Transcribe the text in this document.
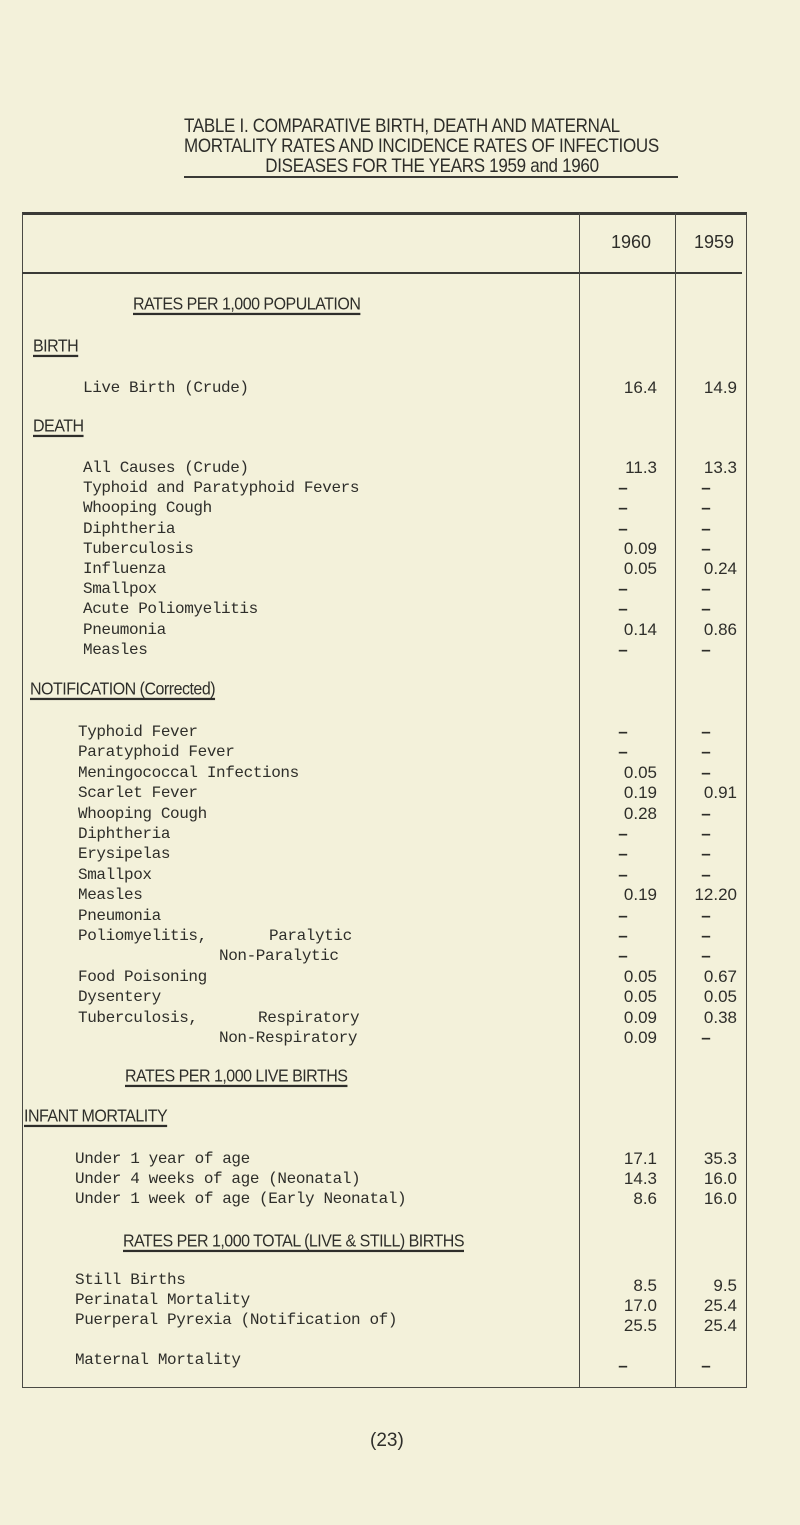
TABLE I. COMPARATIVE BIRTH, DEATH AND MATERNAL
MORTALITY RATES AND INCIDENCE RATES OF INFECTIOUS
DISEASES FOR THE YEARS 1959 and 1960
1960	1959
RATES PER 1,000 POPULATION
BIRTH
Live Birth (Crude)	16.4	14.9
DEATH
All Causes (Crude)	11.3	13.3
Typhoid and Paratyphoid Fevers	–	–
Whooping Cough	–	–
Diphtheria	–	–
Tuberculosis	0.09	–
Influenza	0.05	0.24
Smallpox	–	–
Acute Poliomyelitis	–	–
Pneumonia	0.14	0.86
Measles	–	–
NOTIFICATION (Corrected)
Typhoid Fever	–	–
Paratyphoid Fever	–	–
Meningococcal Infections	0.05	–
Scarlet Fever	0.19	0.91
Whooping Cough	0.28	–
Diphtheria	–	–
Erysipelas	–	–
Smallpox	–	–
Measles	0.19	12.20
Pneumonia	–	–
Poliomyelitis,	Paralytic	–	–
Non-Paralytic	–	–
Food Poisoning	0.05	0.67
Dysentery	0.05	0.05
Tuberculosis,	Respiratory	0.09	0.38
Non-Respiratory	0.09	–
RATES PER 1,000 LIVE BIRTHS
INFANT MORTALITY
Under 1 year of age	17.1	35.3
Under 4 weeks of age (Neonatal)	14.3	16.0
Under 1 week of age (Early Neonatal)	8.6	16.0
RATES PER 1,000 TOTAL (LIVE & STILL) BIRTHS
Still Births	8.5	9.5
Perinatal Mortality	17.0	25.4
Puerperal Pyrexia (Notification of)	25.5	25.4
Maternal Mortality	–	–
(23)
